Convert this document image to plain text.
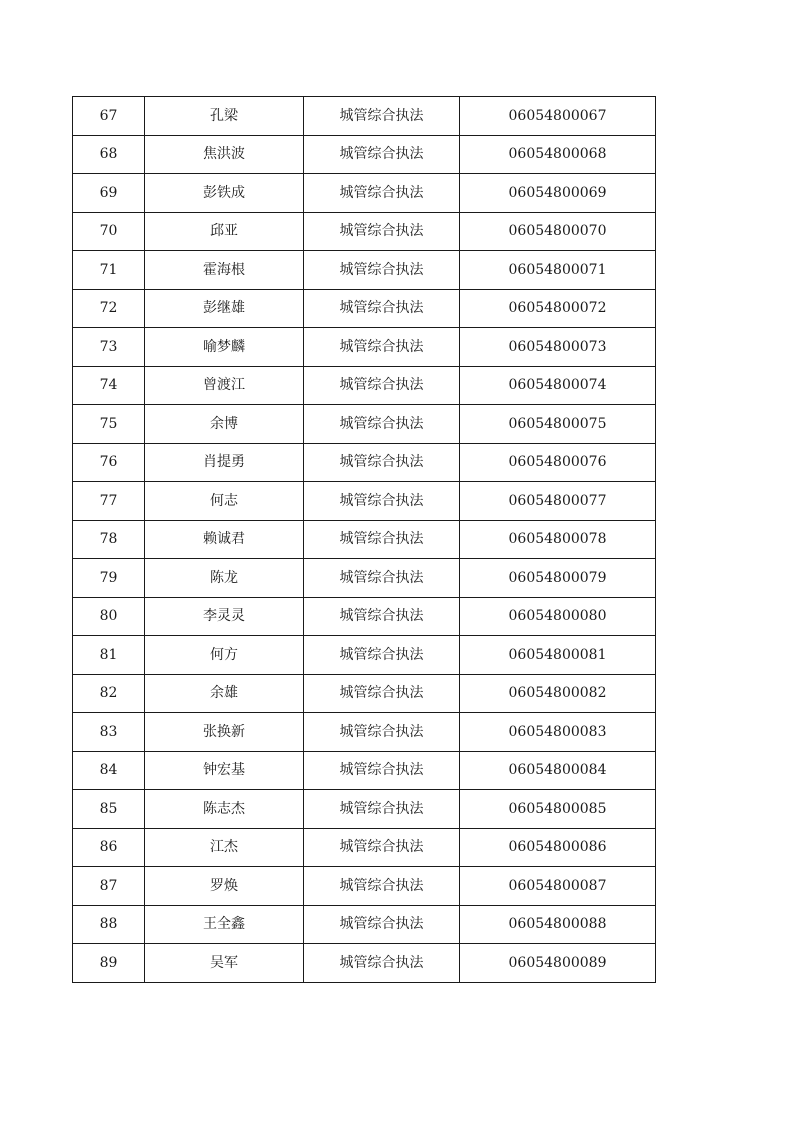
67	孔梁	城管综合执法	06054800067
68	焦洪波	城管综合执法	06054800068
69	彭铁成	城管综合执法	06054800069
70	邱亚	城管综合执法	06054800070
71	霍海根	城管综合执法	06054800071
72	彭继雄	城管综合执法	06054800072
73	喻梦麟	城管综合执法	06054800073
74	曾渡江	城管综合执法	06054800074
75	余博	城管综合执法	06054800075
76	肖提勇	城管综合执法	06054800076
77	何志	城管综合执法	06054800077
78	赖诚君	城管综合执法	06054800078
79	陈龙	城管综合执法	06054800079
80	李灵灵	城管综合执法	06054800080
81	何方	城管综合执法	06054800081
82	余雄	城管综合执法	06054800082
83	张换新	城管综合执法	06054800083
84	钟宏基	城管综合执法	06054800084
85	陈志杰	城管综合执法	06054800085
86	江杰	城管综合执法	06054800086
87	罗焕	城管综合执法	06054800087
88	王全鑫	城管综合执法	06054800088
89	吴军	城管综合执法	06054800089
